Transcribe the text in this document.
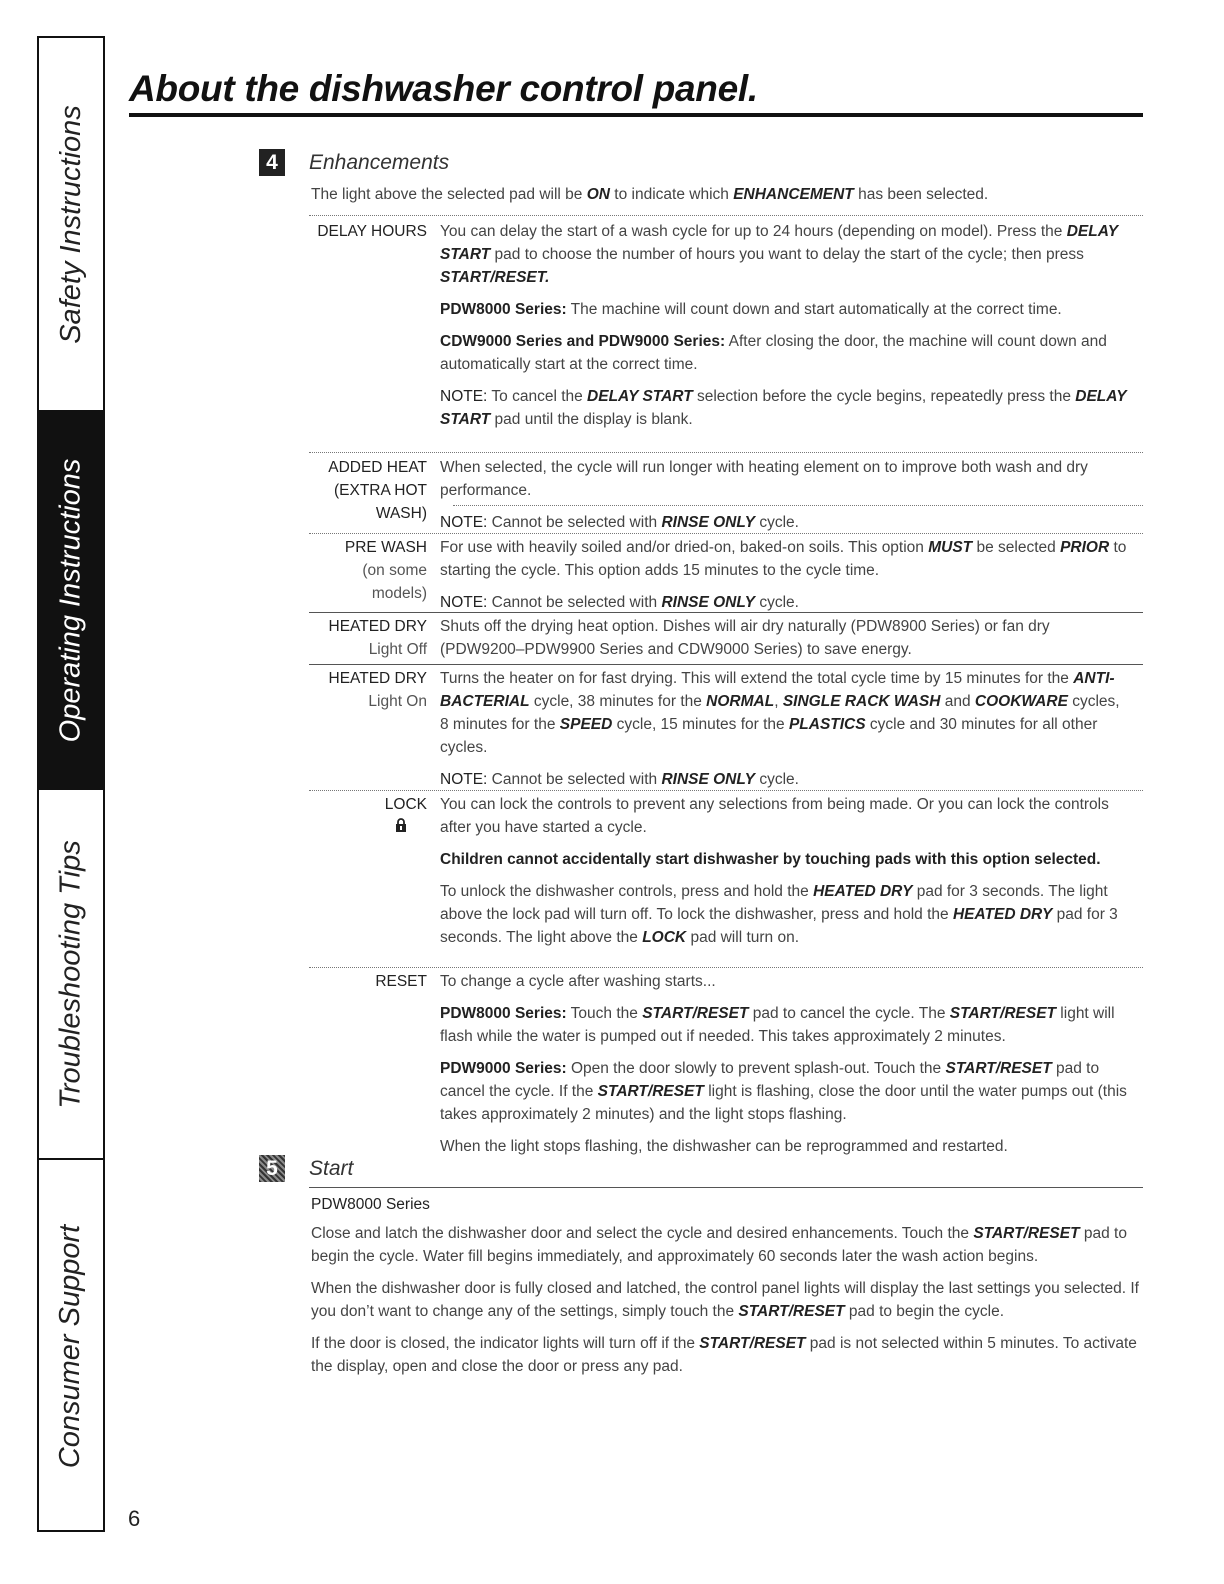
Safety Instructions
Operating Instructions
Troubleshooting Tips
Consumer Support
6
About the dishwasher control panel.
4	Enhancements

The light above the selected pad will be ON to indicate which ENHANCEMENT has been selected.

DELAY HOURS You can delay the start of a wash cycle for up to 24 hours (depending on model). Press the DELAY START pad to choose the number of hours you want to delay the start of the cycle; then press START/RESET.

PDW8000 Series: The machine will count down and start automatically at the correct time.

CDW9000 Series and PDW9000 Series: After closing the door, the machine will count down and automatically start at the correct time.

NOTE: To cancel the DELAY START selection before the cycle begins, repeatedly press the DELAY START pad until the display is blank.

ADDED HEAT
(EXTRA HOT WASH)

When selected, the cycle will run longer with heating element on to improve both wash and dry performance.

NOTE: Cannot be selected with RINSE ONLY cycle.

PRE WASH
(on some models)

For use with heavily soiled and/or dried-on, baked-on soils. This option MUST be selected PRIOR to starting the cycle. This option adds 15 minutes to the cycle time.

NOTE: Cannot be selected with RINSE ONLY cycle.

HEATED DRY
Light Off

Shuts off the drying heat option. Dishes will air dry naturally (PDW8900 Series) or fan dry (PDW9200–PDW9900 Series and CDW9000 Series) to save energy.

HEATED DRY
Light On

Turns the heater on for fast drying. This will extend the total cycle time by 15 minutes for the ANTI-BACTERIAL cycle, 38 minutes for the NORMAL, SINGLE RACK WASH and COOKWARE cycles, 8 minutes for the SPEED cycle, 15 minutes for the PLASTICS cycle and 30 minutes for all other cycles.

NOTE: Cannot be selected with RINSE ONLY cycle.

LOCK You can lock the controls to prevent any selections from being made. Or you can lock the controls after you have started a cycle.

Children cannot accidentally start dishwasher by touching pads with this option selected.

To unlock the dishwasher controls, press and hold the HEATED DRY pad for 3 seconds. The light above the lock pad will turn off. To lock the dishwasher, press and hold the HEATED DRY pad for 3 seconds. The light above the LOCK pad will turn on.

RESET To change a cycle after washing starts...

PDW8000 Series: Touch the START/RESET pad to cancel the cycle. The START/RESET light will flash while the water is pumped out if needed. This takes approximately 2 minutes.

PDW9000 Series: Open the door slowly to prevent splash-out. Touch the START/RESET pad to cancel the cycle. If the START/RESET light is flashing, close the door until the water pumps out (this takes approximately 2 minutes) and the light stops flashing.

When the light stops flashing, the dishwasher can be reprogrammed and restarted.

5	Start
PDW8000 Series

Close and latch the dishwasher door and select the cycle and desired enhancements. Touch the START/RESET pad to begin the cycle. Water fill begins immediately, and approximately 60 seconds later the wash action begins.

When the dishwasher door is fully closed and latched, the control panel lights will display the last settings you selected. If you don’t want to change any of the settings, simply touch the START/RESET pad to begin the cycle.

If the door is closed, the indicator lights will turn off if the START/RESET pad is not selected within 5 minutes. To activate the display, open and close the door or press any pad.
